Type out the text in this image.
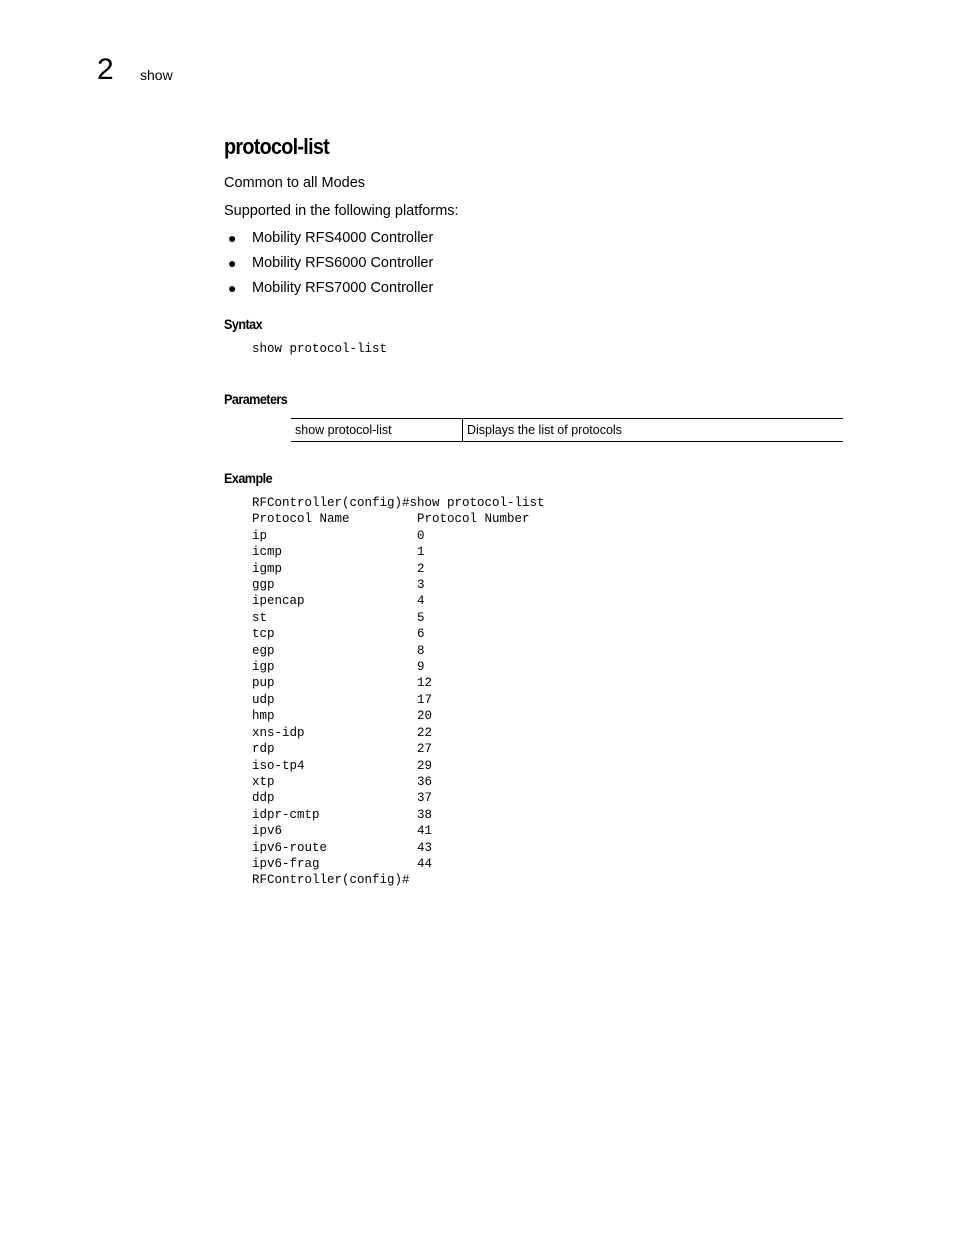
2 show
protocol-list
Common to all Modes
Supported in the following platforms:
● Mobility RFS4000 Controller
● Mobility RFS6000 Controller
● Mobility RFS7000 Controller
Syntax
show protocol-list
Parameters
show protocol-list	Displays the list of protocols
Example
RFController(config)#show protocol-list
Protocol Name         Protocol Number
ip                    0
icmp                  1
igmp                  2
ggp                   3
ipencap               4
st                    5
tcp                   6
egp                   8
igp                   9
pup                   12
udp                   17
hmp                   20
xns-idp               22
rdp                   27
iso-tp4               29
xtp                   36
ddp                   37
idpr-cmtp             38
ipv6                  41
ipv6-route            43
ipv6-frag             44
RFController(config)#
